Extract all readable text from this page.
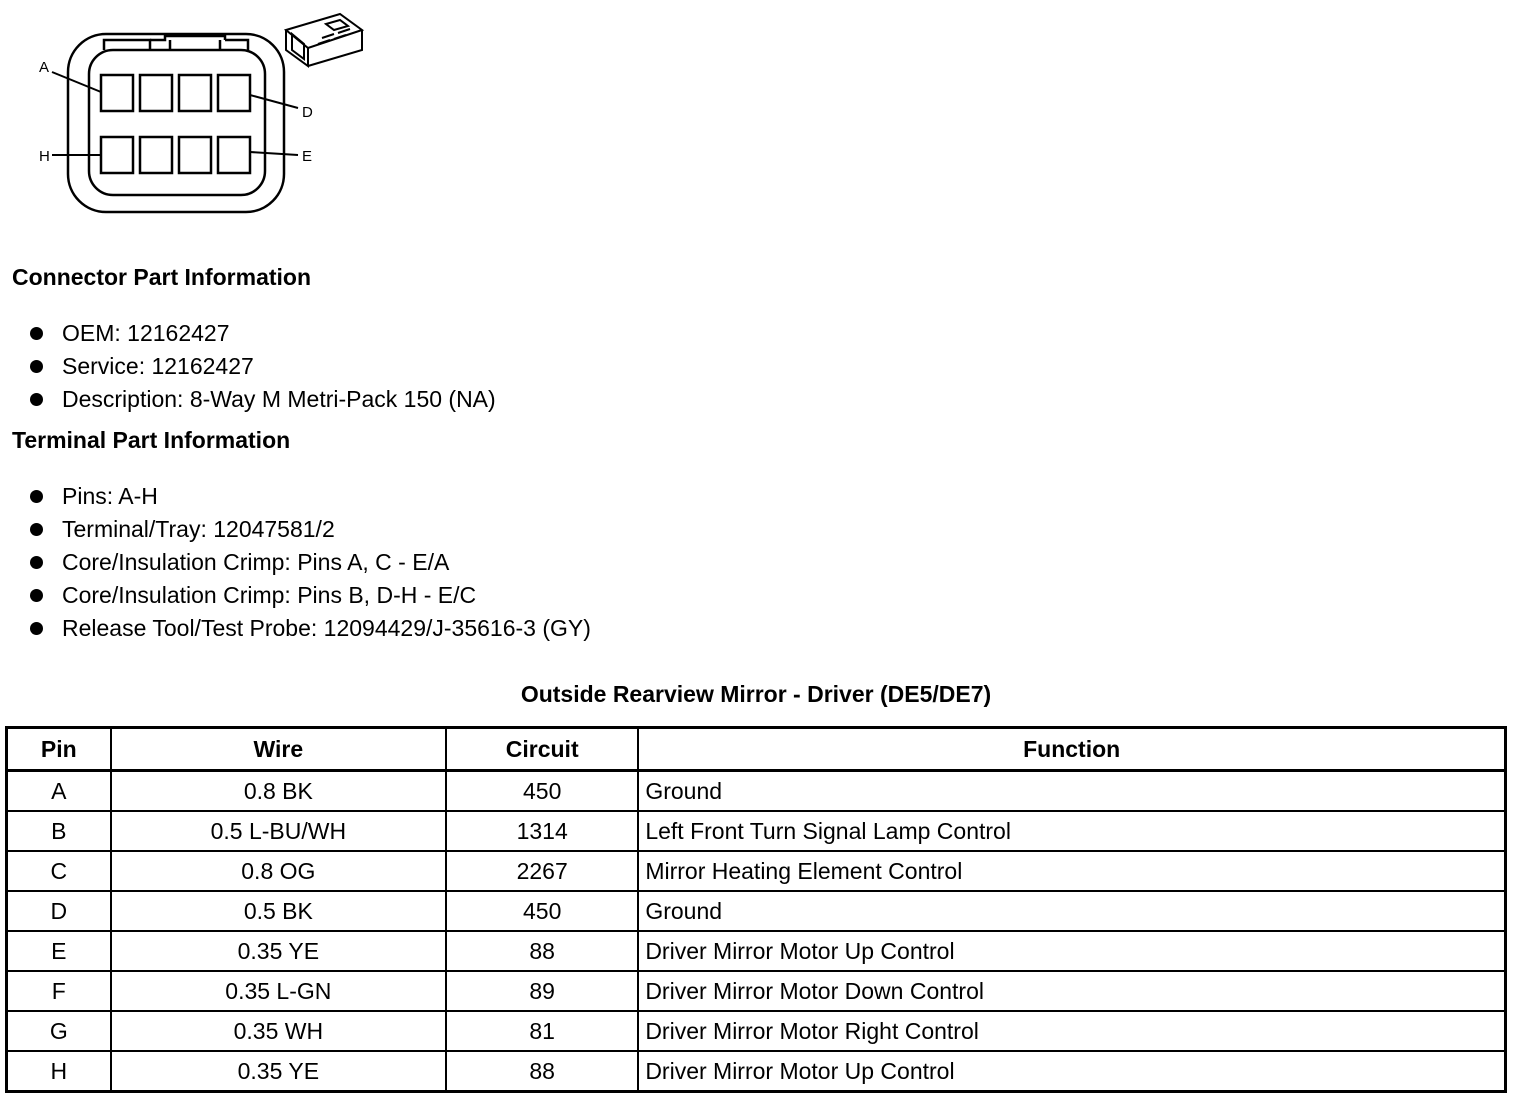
A
D
H	E
Connector Part Information
OEM: 12162427
Service: 12162427
Description: 8-Way M Metri-Pack 150 (NA)
Terminal Part Information
Pins: A-H
Terminal/Tray: 12047581/2
Core/Insulation Crimp: Pins A, C - E/A
Core/Insulation Crimp: Pins B, D-H - E/C
Release Tool/Test Probe: 12094429/J-35616-3 (GY)
Outside Rearview Mirror - Driver (DE5/DE7)
Pin	Wire	Circuit	Function
A	0.8 BK	450	Ground
B	0.5 L-BU/WH	1314	Left Front Turn Signal Lamp Control
C	0.8 OG	2267	Mirror Heating Element Control
D	0.5 BK	450	Ground
E	0.35 YE	88	Driver Mirror Motor Up Control
F	0.35 L-GN	89	Driver Mirror Motor Down Control
G	0.35 WH	81	Driver Mirror Motor Right Control
H	0.35 YE	88	Driver Mirror Motor Up Control
